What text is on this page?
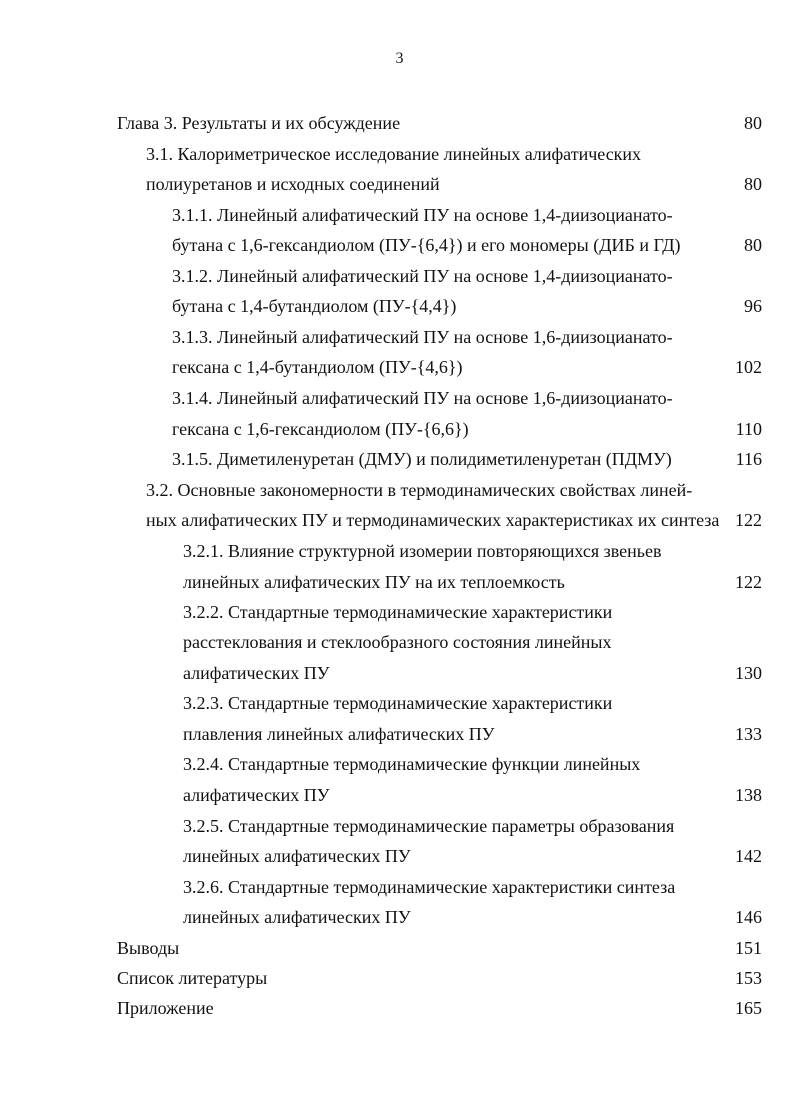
3
Глава 3. Результаты и их обсуждение	80
3.1. Калориметрическое исследование линейных алифатических
полиуретанов и исходных соединений	80
3.1.1. Линейный алифатический ПУ на основе 1,4-диизоцианато-
бутана с 1,6-гександиолом (ПУ-{6,4}) и его мономеры (ДИБ и ГД)	80
3.1.2. Линейный алифатический ПУ на основе 1,4-диизоцианато-
бутана с 1,4-бутандиолом (ПУ-{4,4})	96
3.1.3. Линейный алифатический ПУ на основе 1,6-диизоцианато-
гексана с 1,4-бутандиолом (ПУ-{4,6})	102
3.1.4. Линейный алифатический ПУ на основе 1,6-диизоцианато-
гексана с 1,6-гександиолом (ПУ-{6,6})	110
3.1.5. Диметиленуретан (ДМУ) и полидиметиленуретан (ПДМУ)	116
3.2. Основные закономерности в термодинамических свойствах линей-
ных алифатических ПУ и термодинамических характеристиках их синтеза 122
3.2.1. Влияние структурной изомерии повторяющихся звеньев
линейных алифатических ПУ на их теплоемкость	122
3.2.2. Стандартные термодинамические характеристики
расстеклования и стеклообразного состояния линейных
алифатических ПУ	130
3.2.3. Стандартные термодинамические характеристики
плавления линейных алифатических ПУ	133
3.2.4. Стандартные термодинамические функции линейных
алифатических ПУ	138
3.2.5. Стандартные термодинамические параметры образования
линейных алифатических ПУ	142
3.2.6. Стандартные термодинамические характеристики синтеза
линейных алифатических ПУ	146
Выводы	151
Список литературы	153
Приложение	165
